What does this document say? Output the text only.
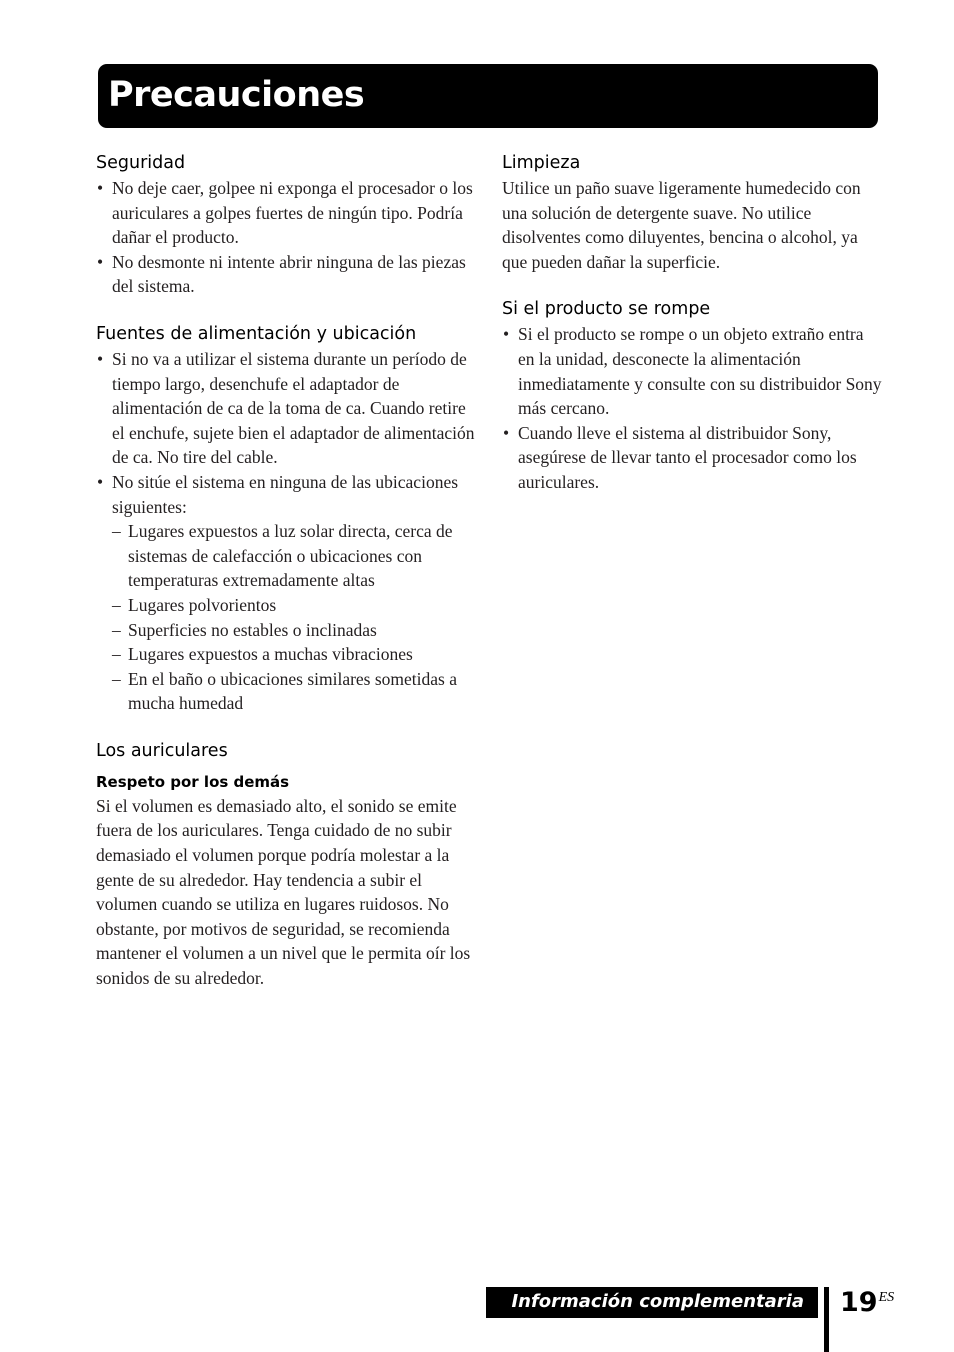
Precauciones
Seguridad
• No deje caer, golpee ni exponga el procesador o los auriculares a golpes fuertes de ningún tipo. Podría dañar el producto.
• No desmonte ni intente abrir ninguna de las piezas del sistema.
Fuentes de alimentación y ubicación
• Si no va a utilizar el sistema durante un período de tiempo largo, desenchufe el adaptador de alimentación de ca de la toma de ca. Cuando retire el enchufe, sujete bien el adaptador de alimentación de ca. No tire del cable.
• No sitúe el sistema en ninguna de las ubicaciones siguientes:
– Lugares expuestos a luz solar directa, cerca de sistemas de calefacción o ubicaciones con temperaturas extremadamente altas
– Lugares polvorientos
– Superficies no estables o inclinadas
– Lugares expuestos a muchas vibraciones
– En el baño o ubicaciones similares sometidas a mucha humedad
Los auriculares
Respeto por los demás

Si el volumen es demasiado alto, el sonido se emite fuera de los auriculares. Tenga cuidado de no subir demasiado el volumen porque podría molestar a la gente de su alrededor. Hay tendencia a subir el volumen cuando se utiliza en lugares ruidosos. No obstante, por motivos de seguridad, se recomienda mantener el volumen a un nivel que le permita oír los sonidos de su alrededor.

Limpieza

Utilice un paño suave ligeramente humedecido con una solución de detergente suave. No utilice disolventes como diluyentes, bencina o alcohol, ya que pueden dañar la superficie.

Si el producto se rompe
• Si el producto se rompe o un objeto extraño entra en la unidad, desconecte la alimentación inmediatamente y consulte con su distribuidor Sony más cercano.
• Cuando lleve el sistema al distribuidor Sony, asegúrese de llevar tanto el procesador como los auriculares.
Información complementaria $19^{ES}$
